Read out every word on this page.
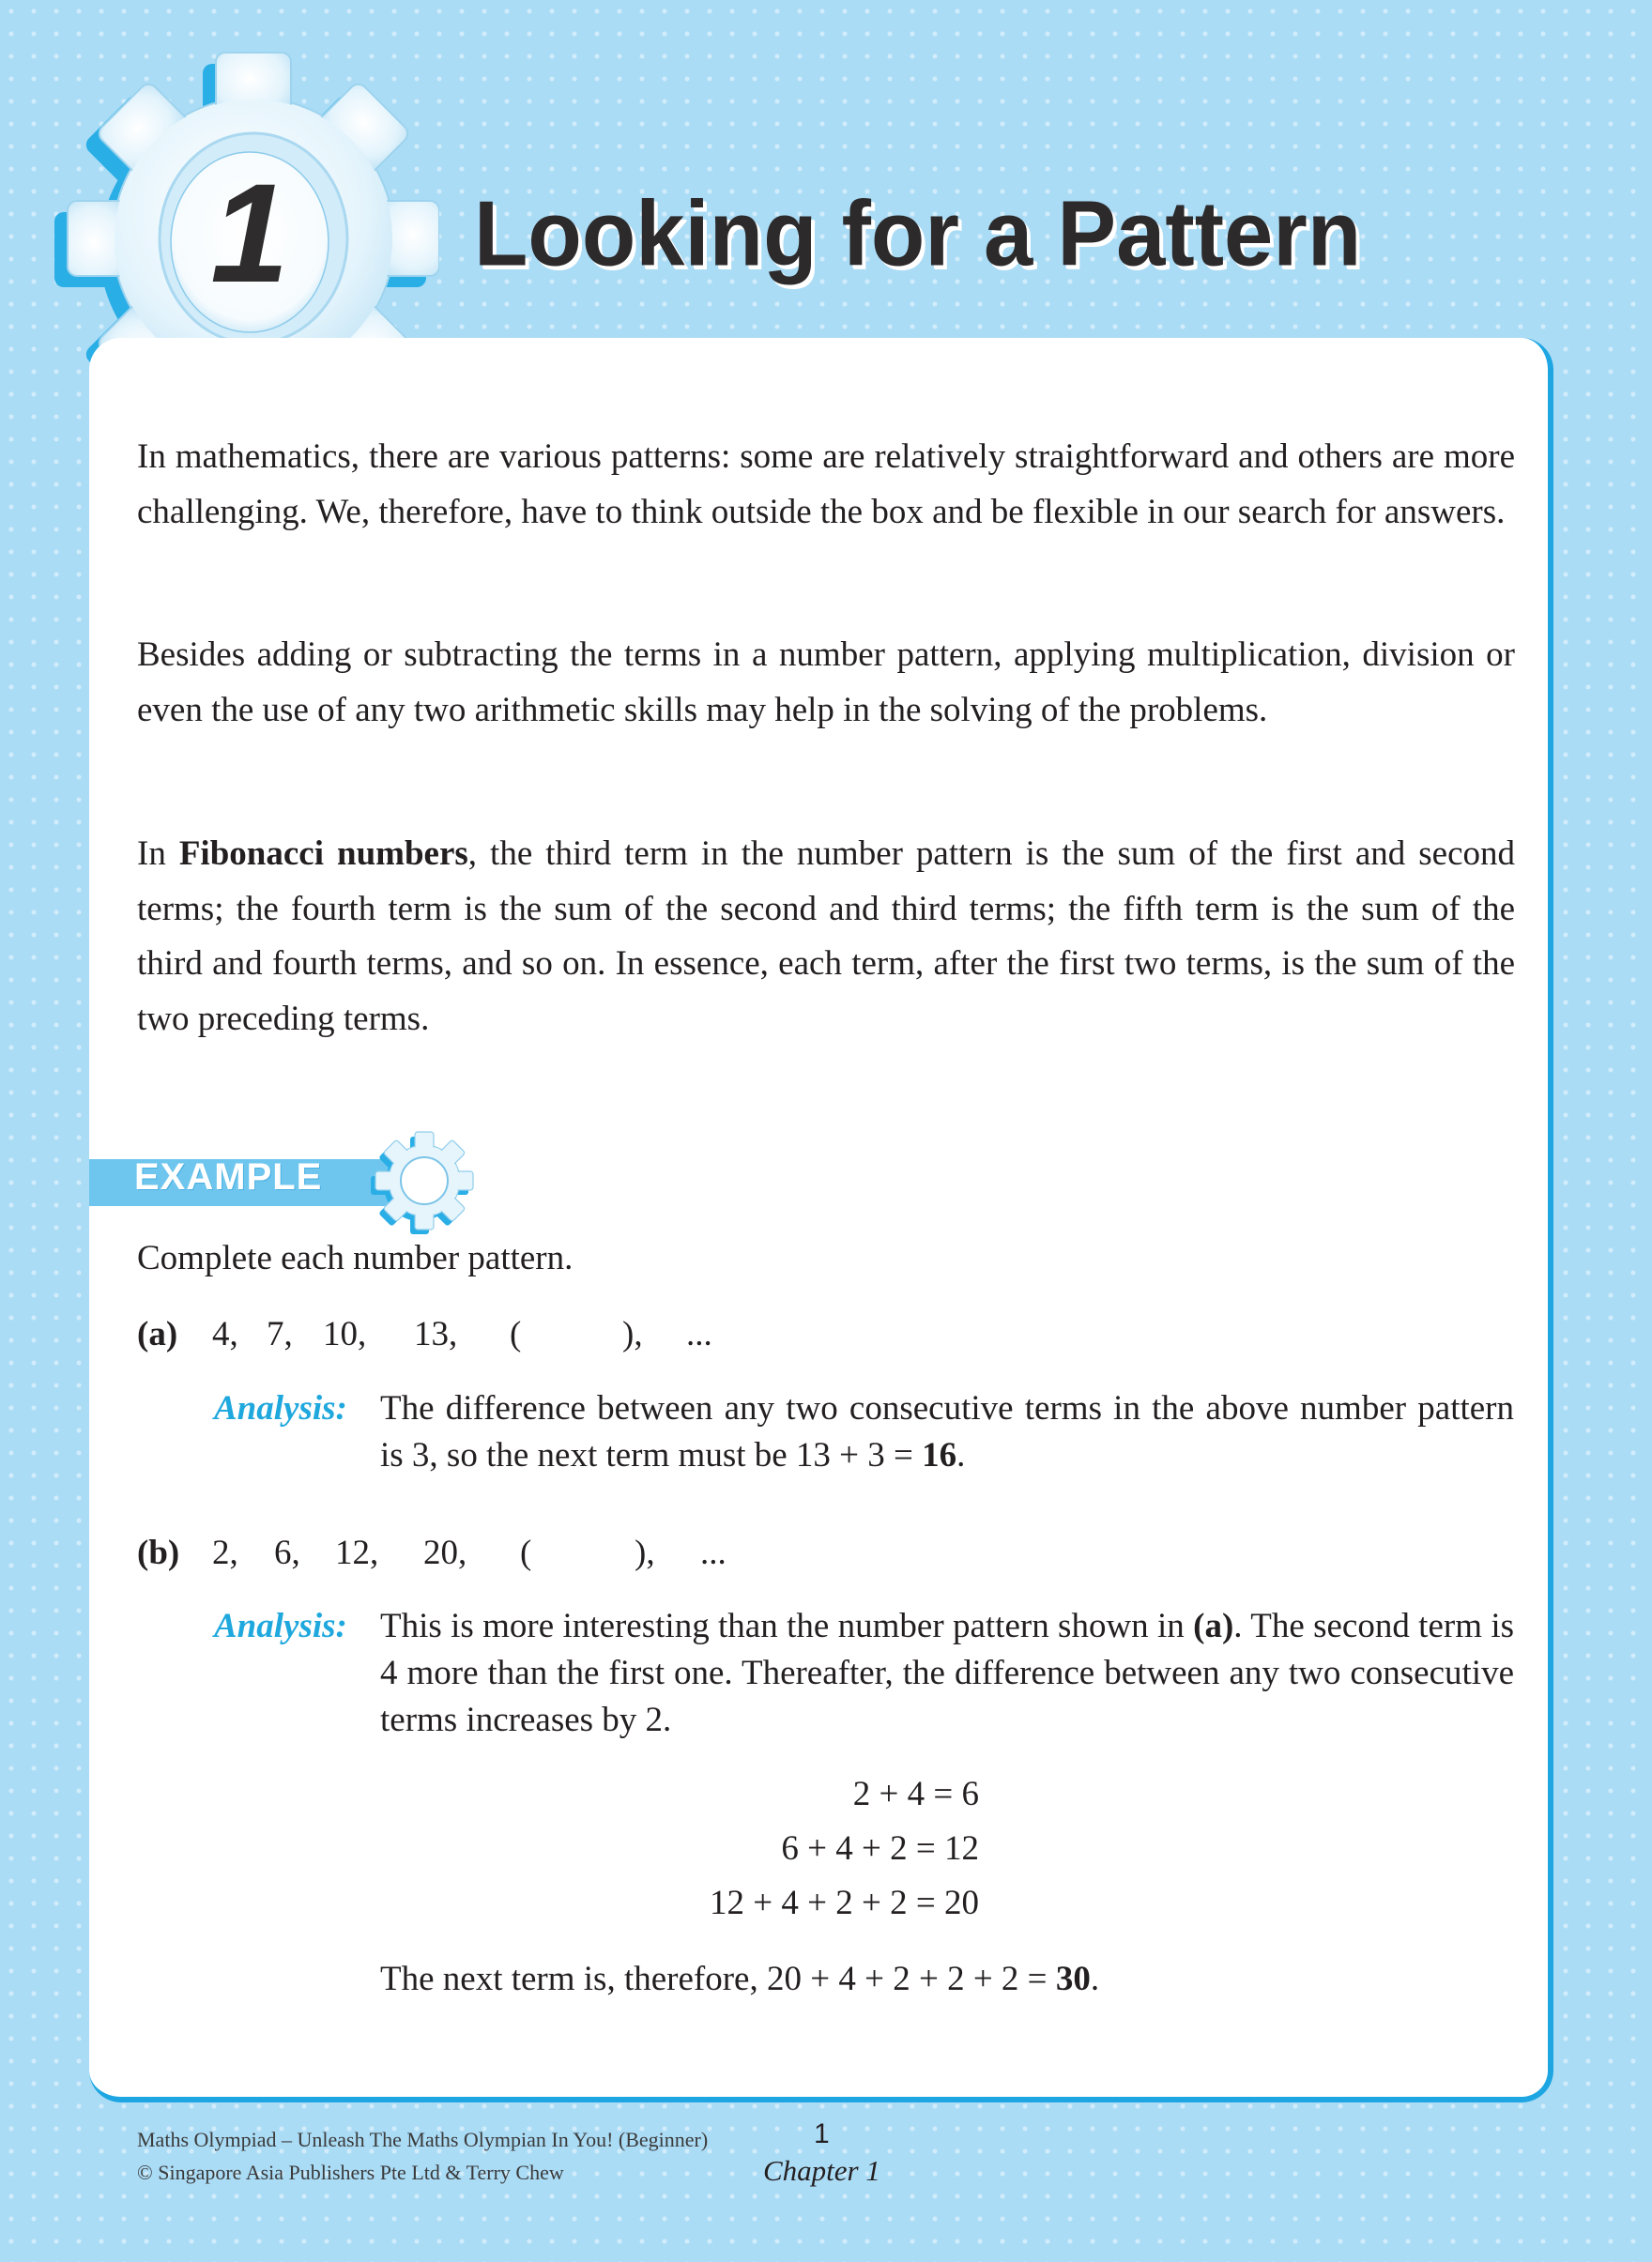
1 Looking for a Pattern

In mathematics, there are various patterns: some are relatively straightforward and others are more challenging. We, therefore, have to think outside the box and be flexible in our search for answers.

Besides adding or subtracting the terms in a number pattern, applying multiplication, division or even the use of any two arithmetic skills may help in the solving of the problems.

In Fibonacci numbers, the third term in the number pattern is the sum of the first and second terms; the fourth term is the sum of the second and third terms; the fifth term is the sum of the third and fourth terms, and so on. In essence, each term, after the first two terms, is the sum of the two preceding terms.

EXAMPLE
Complete each number pattern.
(a) 4, 7, 10, 13, (	), ...
Analysis: The difference between any two consecutive terms in the above number pattern is 3, so the next term must be 13 + 3 = 16.

(b) 2, 6, 12, 20, (	), ...
Analysis: This is more interesting than the number pattern shown in (a). The second term is 4 more than the first one. Thereafter, the difference between any two consecutive terms increases by 2.

2 + 4 = 6
6 + 4 + 2 = 12
12 + 4 + 2 + 2 = 20
The next term is, therefore, 20 + 4 + 2 + 2 + 2 = 30.
Maths Olympiad – Unleash The Maths Olympian In You! (Beginner)
© Singapore Asia Publishers Pte Ltd & Terry Chew
1
Chapter 1
